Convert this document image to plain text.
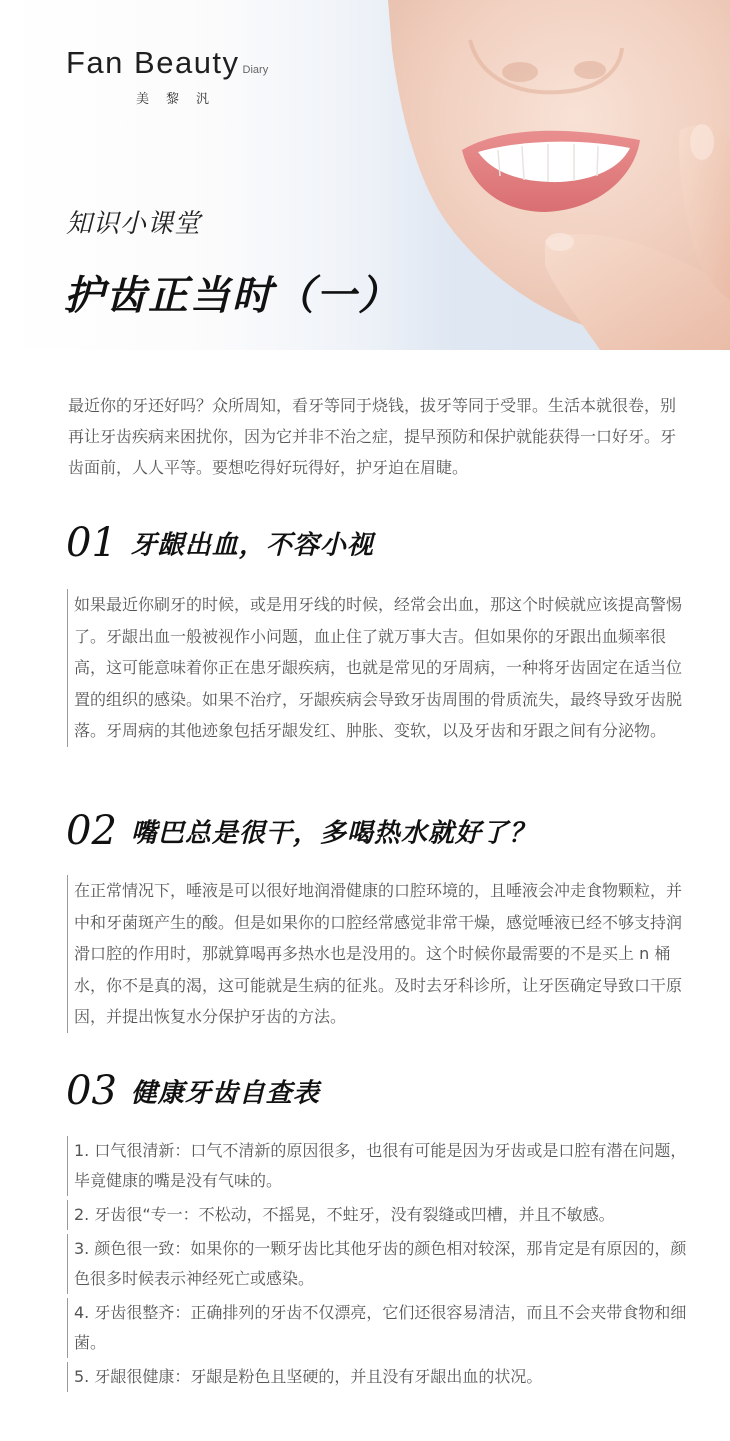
Fan Beauty Diary
美黎汎
知识小课堂
护齿正当时（一）

最近你的牙还好吗？众所周知，看牙等同于烧钱，拔牙等同于受罪。生活本就很卷，别再让牙齿疾病来困扰你，因为它并非不治之症，提早预防和保护就能获得一口好牙。牙齿面前，人人平等。要想吃得好玩得好，护牙迫在眉睫。

01 牙龈出血，不容小视

如果最近你刷牙的时候，或是用牙线的时候，经常会出血，那这个时候就应该提高警惕了。牙龈出血一般被视作小问题，血止住了就万事大吉。但如果你的牙跟出血频率很高，这可能意味着你正在患牙龈疾病，也就是常见的牙周病，一种将牙齿固定在适当位置的组织的感染。如果不治疗，牙龈疾病会导致牙齿周围的骨质流失，最终导致牙齿脱落。牙周病的其他迹象包括牙龈发红、肿胀、变软，以及牙齿和牙跟之间有分泌物。

02 嘴巴总是很干，多喝热水就好了？

在正常情况下，唾液是可以很好地润滑健康的口腔环境的，且唾液会冲走食物颗粒，并中和牙菌斑产生的酸。但是如果你的口腔经常感觉非常干燥，感觉唾液已经不够支持润滑口腔的作用时，那就算喝再多热水也是没用的。这个时候你最需要的不是买上 n 桶水，你不是真的渴，这可能就是生病的征兆。及时去牙科诊所，让牙医确定导致口干原因，并提出恢复水分保护牙齿的方法。

03 健康牙齿自查表
1. 口气很清新：口气不清新的原因很多，也很有可能是因为牙齿或是口腔有潜在问题，毕竟健康的嘴是没有气味的。
2. 牙齿很“专一：不松动，不摇晃，不蛀牙，没有裂缝或凹槽，并且不敏感。
3. 颜色很一致：如果你的一颗牙齿比其他牙齿的颜色相对较深，那肯定是有原因的，颜色很多时候表示神经死亡或感染。
4. 牙齿很整齐：正确排列的牙齿不仅漂亮，它们还很容易清洁，而且不会夹带食物和细菌。
5. 牙龈很健康：牙龈是粉色且坚硬的，并且没有牙龈出血的状况。
